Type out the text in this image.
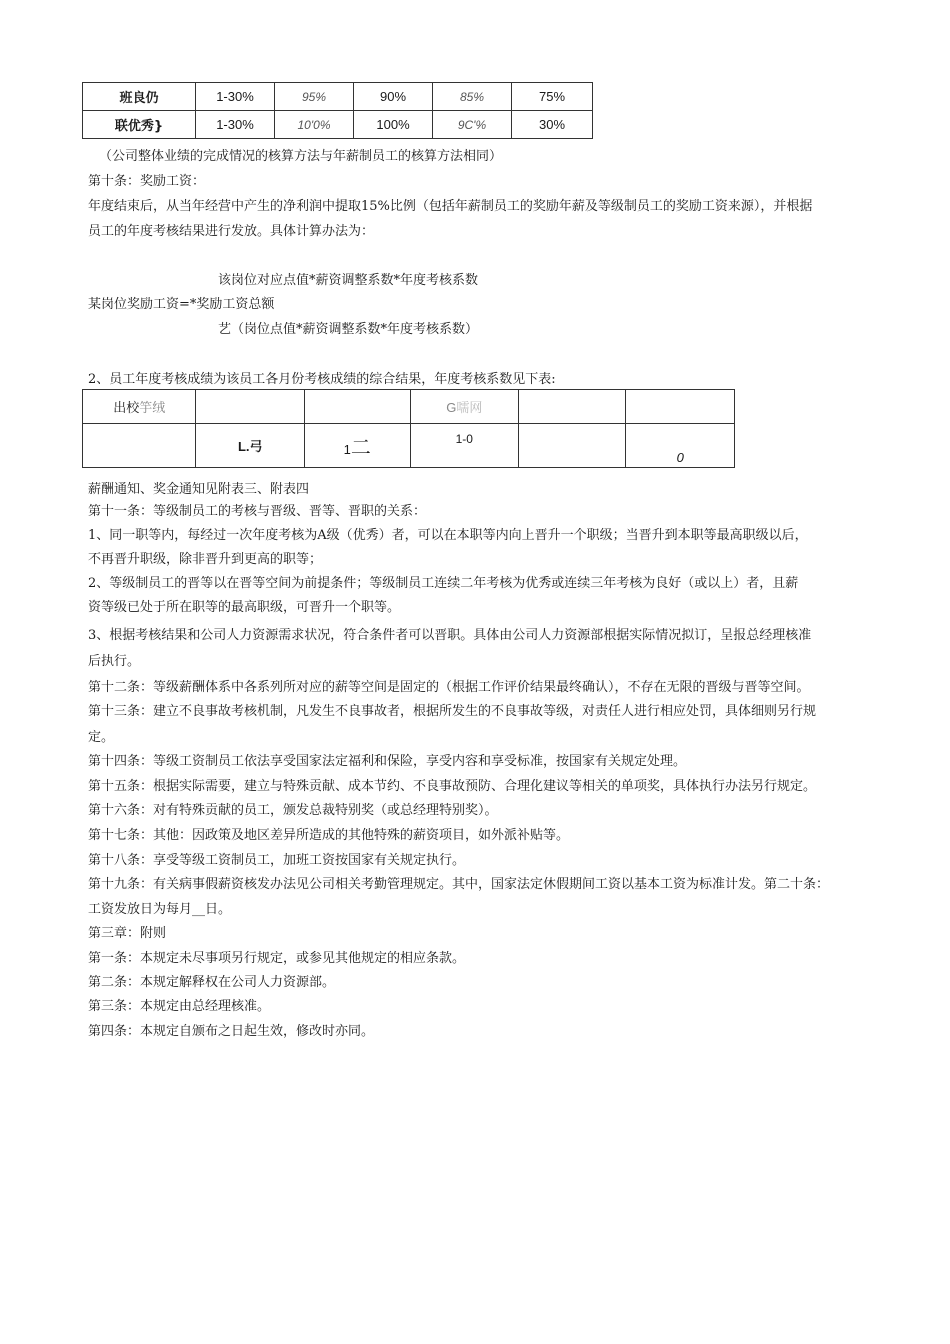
班良仍	1-30%	95%	90%	85%	75%
联优秀}	1-30%	10'0%	100%	9C'%	30%
（公司整体业绩的完成情况的核算方法与年薪制员工的核算方法相同）
第十条：奖励工资：
年度结束后，从当年经营中产生的净利润中提取15%比例（包括年薪制员工的奖励年薪及等级制员工的奖励工资来源），并根据
员工的年度考核结果进行发放。具体计算办法为：
该岗位对应点值*薪资调整系数*年度考核系数
某岗位奖励工资=*奖励工资总额
艺（岗位点值*薪资调整系数*年度考核系数）
2、员工年度考核成绩为该员工各月份考核成绩的综合结果，年度考核系数见下表:
出校竽绒			G嚅网		
	L.弓	1二	1-0		0
薪酬通知、奖金通知见附表三、附表四
第十一条：等级制员工的考核与晋级、晋等、晋职的关系：
1、同一职等内，每经过一次年度考核为A级（优秀）者，可以在本职等内向上晋升一个职级；当晋升到本职等最高职级以后，
不再晋升职级，除非晋升到更高的职等；
2、等级制员工的晋等以在晋等空间为前提条件；等级制员工连续二年考核为优秀或连续三年考核为良好（或以上）者，且薪
资等级已处于所在职等的最高职级，可晋升一个职等。
3、根据考核结果和公司人力资源需求状况，符合条件者可以晋职。具体由公司人力资源部根据实际情况拟订，呈报总经理核准
后执行。
第十二条：等级薪酬体系中各系列所对应的薪等空间是固定的（根据工作评价结果最终确认），不存在无限的晋级与晋等空间。
第十三条：建立不良事故考核机制，凡发生不良事故者，根据所发生的不良事故等级，对责任人进行相应处罚，具体细则另行规
定。
第十四条：等级工资制员工依法享受国家法定福利和保险，享受内容和享受标准，按国家有关规定处理。
第十五条：根据实际需要，建立与特殊贡献、成本节约、不良事故预防、合理化建议等相关的单项奖，具体执行办法另行规定。
第十六条：对有特殊贡献的员工，颁发总裁特别奖（或总经理特别奖）。
第十七条：其他：因政策及地区差异所造成的其他特殊的薪资项目，如外派补贴等。
第十八条：享受等级工资制员工，加班工资按国家有关规定执行。
第十九条：有关病事假薪资核发办法见公司相关考勤管理规定。其中，国家法定休假期间工资以基本工资为标准计发。第二十条：
工资发放日为每月__日。
第三章：附则
第一条：本规定未尽事项另行规定，或参见其他规定的相应条款。
第二条：本规定解释权在公司人力资源部。
第三条：本规定由总经理核准。
第四条：本规定自颁布之日起生效，修改时亦同。
